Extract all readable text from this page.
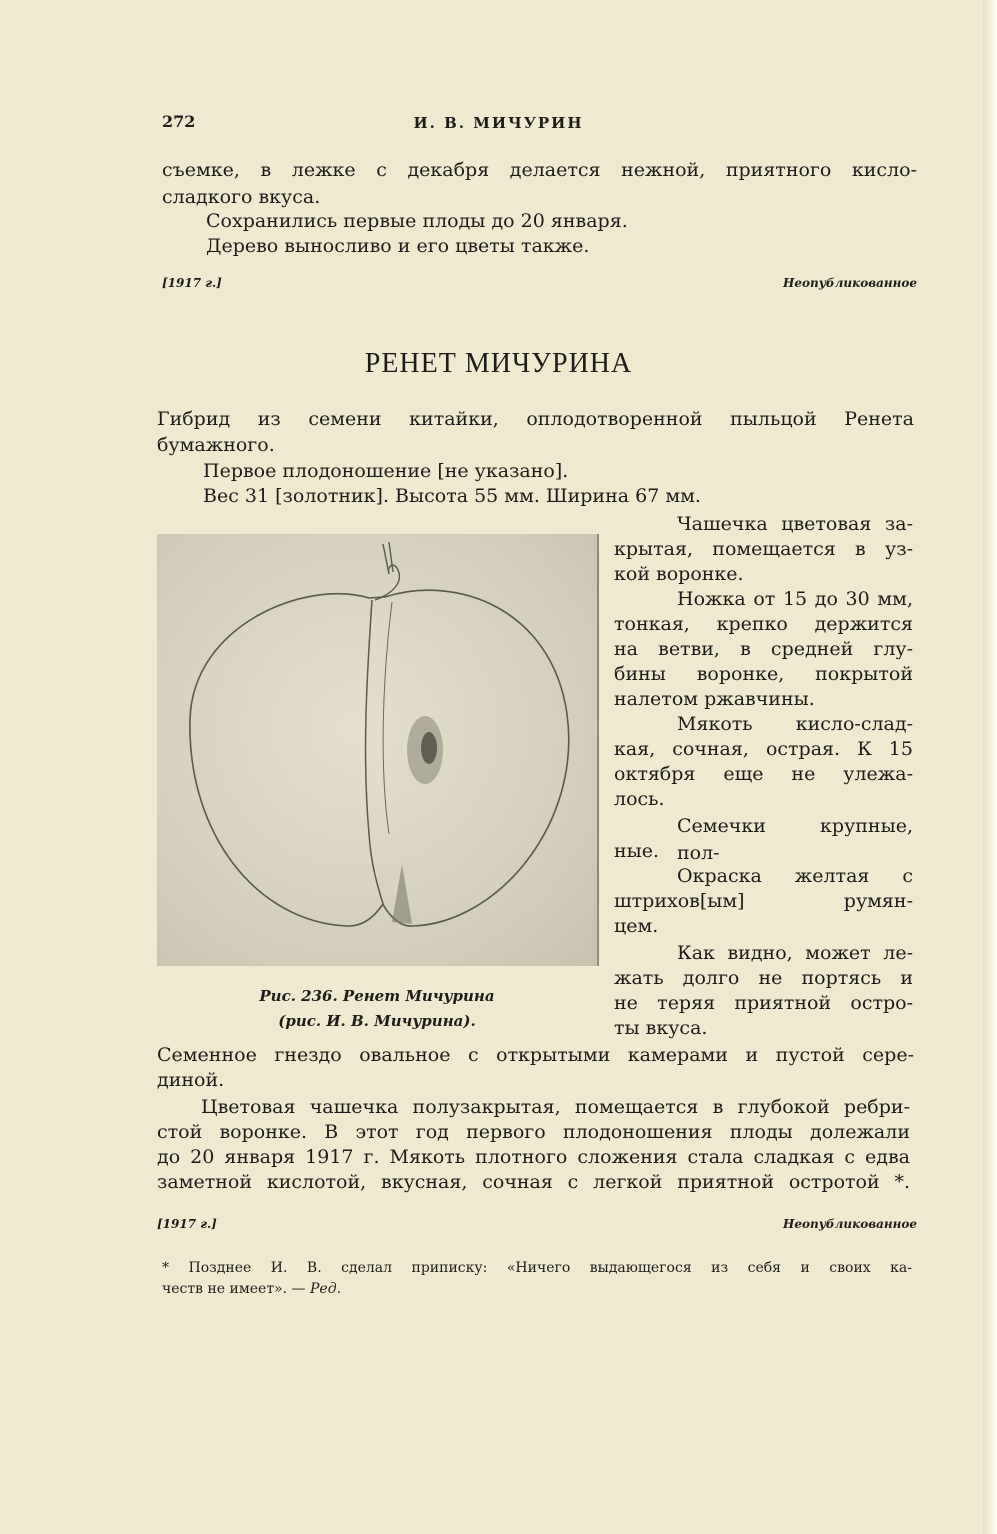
272	И. В. МИЧУРИН

съемке, в лежке с декабря делается нежной, приятного кисло-

сладкого вкуса.

Сохранились первые плоды до 20 января.

Дерево выносливо и его цветы также.

[1917 г.]	Неопубликованное
РЕНЕТ МИЧУРИНА

Гибрид из семени китайки, оплодотворенной пыльцой Ренета

бумажного.

Первое плодоношение [не указано].

Вес 31 [золотник]. Высота 55 мм. Ширина 67 мм.

Чашечка цветовая за-

крытая, помещается в уз-

кой воронке.

Ножка от 15 до 30 мм,

тонкая, крепко держится

на ветви, в средней глу-

бины воронке, покрытой

налетом ржавчины.

Мякоть кисло-слад-

кая, сочная, острая. К 15

октября еще не улежа-

лось.

Семечки крупные, пол-

ные.

Окраска желтая с

штрихов[ым] румян-

цем.

Как видно, может ле-

жать долго не портясь и

не теряя приятной остро-

ты вкуса.

Рис. 236. Ренет Мичурина
(рис. И. В. Мичурина).

Семенное гнездо овальное с открытыми камерами и пустой сере-

диной.

Цветовая чашечка полузакрытая, помещается в глубокой ребри-

стой воронке. В этот год первого плодоношения плоды долежали

до 20 января 1917 г. Мякоть плотного сложения стала сладкая с едва

заметной кислотой, вкусная, сочная с легкой приятной остротой *.

[1917 г.]	Неопубликованное
* Позднее И. В. сделал приписку: «Ничего выдающегося из себя и своих ка-
честв не имеет». — Ред.
